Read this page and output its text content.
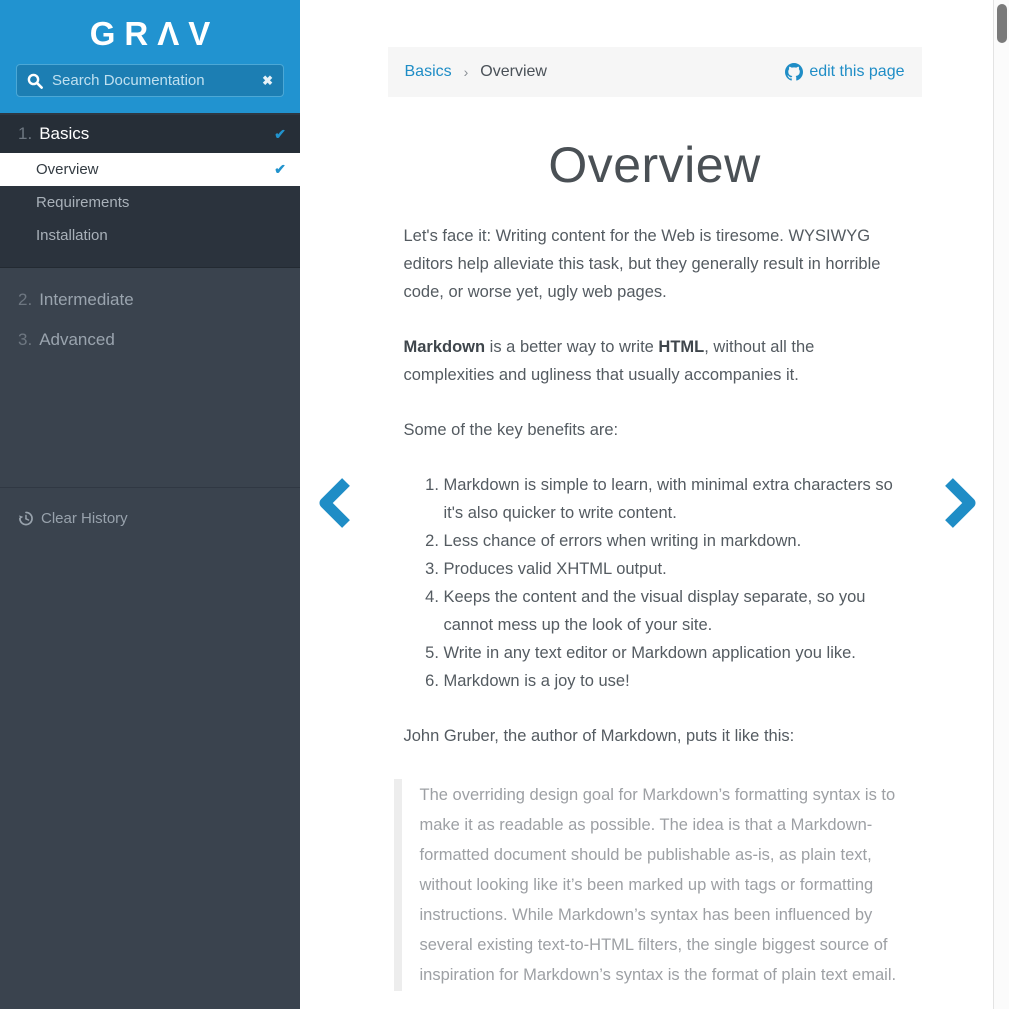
GRΛV
Search Documentation
✖
1. Basics	✔
Overview	✔
Requirements
Installation
2. Intermediate
3. Advanced
Clear History
Basics › Overview	edit this page
Overview

Let's face it: Writing content for the Web is tiresome. WYSIWYG editors help alleviate this task, but they generally result in horrible code, or worse yet, ugly web pages.

Markdown is a better way to write HTML, without all the complexities and ugliness that usually accompanies it.

Some of the key benefits are:

1. Markdown is simple to learn, with minimal extra characters so it's also quicker to write content.
2. Less chance of errors when writing in markdown.
3. Produces valid XHTML output.
4. Keeps the content and the visual display separate, so you cannot mess up the look of your site.
5. Write in any text editor or Markdown application you like.
6. Markdown is a joy to use!

John Gruber, the author of Markdown, puts it like this:

The overriding design goal for Markdown’s formatting syntax is to make it as readable as possible. The idea is that a Markdown-formatted document should be publishable as-is, as plain text, without looking like it’s been marked up with tags or formatting instructions. While Markdown’s syntax has been influenced by several existing text-to-HTML filters, the single biggest source of inspiration for Markdown’s syntax is the format of plain text email.
